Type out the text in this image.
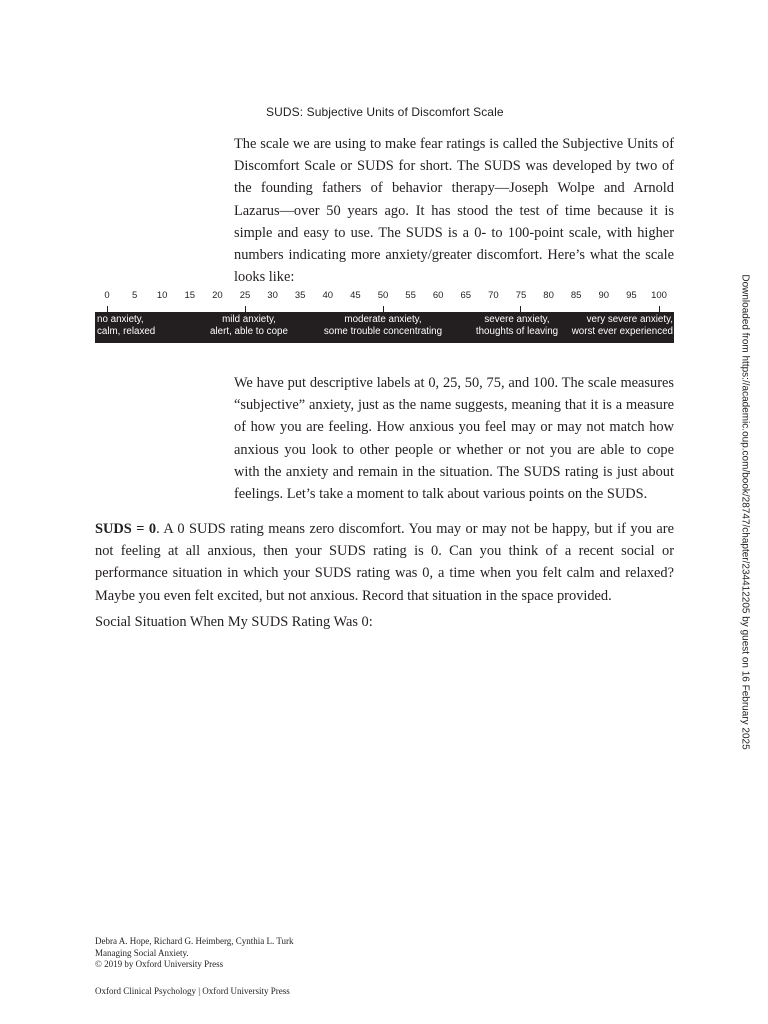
SUDS: Subjective Units of Discomfort Scale

The scale we are using to make fear ratings is called the Subjective Units of Discomfort Scale or SUDS for short. The SUDS was developed by two of the founding fathers of behavior therapy—Joseph Wolpe and Arnold Lazarus—over 50 years ago. It has stood the test of time because it is simple and easy to use. The SUDS is a 0- to 100-point scale, with higher numbers indicating more anxiety/greater discomfort. Here’s what the scale looks like:

0	5	10	15	20	25	30	35	40	45	50	55	60	65	70	75	80	85	90	95	100
no anxiety,
calm, relaxed
mild anxiety,
alert, able to cope
moderate anxiety,
some trouble concentrating
severe anxiety,
thoughts of leaving
very severe anxiety,
worst ever experienced

We have put descriptive labels at 0, 25, 50, 75, and 100. The scale measures “subjective” anxiety, just as the name suggests, meaning that it is a measure of how you are feeling. How anxious you feel may or may not match how anxious you look to other people or whether or not you are able to cope with the anxiety and remain in the situation. The SUDS rating is just about feelings. Let’s take a moment to talk about various points on the SUDS.

SUDS = 0. A 0 SUDS rating means zero discomfort. You may or may not be happy, but if you are not feeling at all anxious, then your SUDS rating is 0. Can you think of a recent social or performance situation in which your SUDS rating was 0, a time when you felt calm and relaxed? Maybe you even felt excited, but not anxious. Record that situation in the space provided.

Social Situation When My SUDS Rating Was 0:	Downloaded from https://academic.oup.com/book/28747/chapter/234412205 by guest on 16 February 2025

Debra A. Hope, Richard G. Heimberg, Cynthia L. Turk
Managing Social Anxiety.
© 2019 by Oxford University Press

Oxford Clinical Psychology | Oxford University Press
